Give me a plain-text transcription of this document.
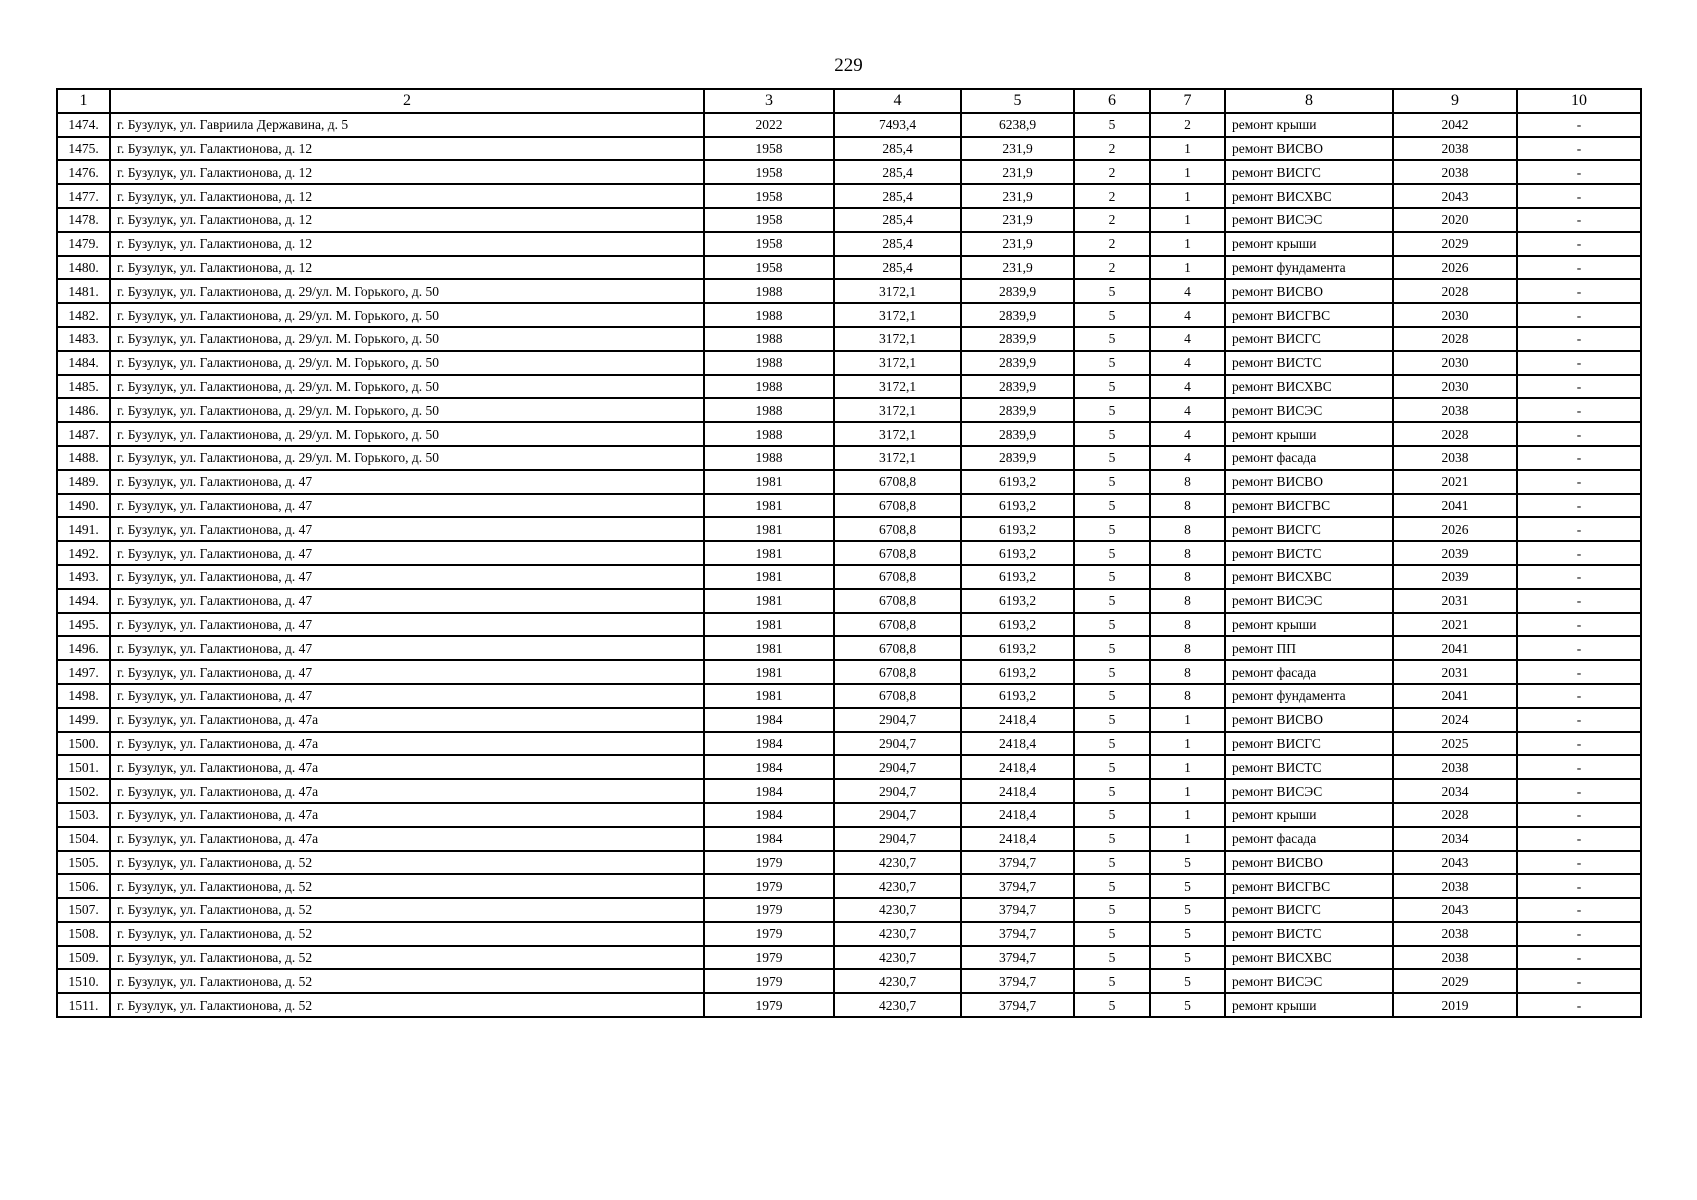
229
1	2	3	4	5	6	7	8	9	10
1474.	г. Бузулук, ул. Гавриила Державина, д. 5	2022	7493,4	6238,9	5	2	ремонт крыши	2042	-
1475.	г. Бузулук, ул. Галактионова, д. 12	1958	285,4	231,9	2	1	ремонт ВИСВО	2038	-
1476.	г. Бузулук, ул. Галактионова, д. 12	1958	285,4	231,9	2	1	ремонт ВИСГС	2038	-
1477.	г. Бузулук, ул. Галактионова, д. 12	1958	285,4	231,9	2	1	ремонт ВИСХВС	2043	-
1478.	г. Бузулук, ул. Галактионова, д. 12	1958	285,4	231,9	2	1	ремонт ВИСЭС	2020	-
1479.	г. Бузулук, ул. Галактионова, д. 12	1958	285,4	231,9	2	1	ремонт крыши	2029	-
1480.	г. Бузулук, ул. Галактионова, д. 12	1958	285,4	231,9	2	1	ремонт фундамента	2026	-
1481.	г. Бузулук, ул. Галактионова, д. 29/ул. М. Горького, д. 50	1988	3172,1	2839,9	5	4	ремонт ВИСВО	2028	-
1482.	г. Бузулук, ул. Галактионова, д. 29/ул. М. Горького, д. 50	1988	3172,1	2839,9	5	4	ремонт ВИСГВС	2030	-
1483.	г. Бузулук, ул. Галактионова, д. 29/ул. М. Горького, д. 50	1988	3172,1	2839,9	5	4	ремонт ВИСГС	2028	-
1484.	г. Бузулук, ул. Галактионова, д. 29/ул. М. Горького, д. 50	1988	3172,1	2839,9	5	4	ремонт ВИСТС	2030	-
1485.	г. Бузулук, ул. Галактионова, д. 29/ул. М. Горького, д. 50	1988	3172,1	2839,9	5	4	ремонт ВИСХВС	2030	-
1486.	г. Бузулук, ул. Галактионова, д. 29/ул. М. Горького, д. 50	1988	3172,1	2839,9	5	4	ремонт ВИСЭС	2038	-
1487.	г. Бузулук, ул. Галактионова, д. 29/ул. М. Горького, д. 50	1988	3172,1	2839,9	5	4	ремонт крыши	2028	-
1488.	г. Бузулук, ул. Галактионова, д. 29/ул. М. Горького, д. 50	1988	3172,1	2839,9	5	4	ремонт фасада	2038	-
1489.	г. Бузулук, ул. Галактионова, д. 47	1981	6708,8	6193,2	5	8	ремонт ВИСВО	2021	-
1490.	г. Бузулук, ул. Галактионова, д. 47	1981	6708,8	6193,2	5	8	ремонт ВИСГВС	2041	-
1491.	г. Бузулук, ул. Галактионова, д. 47	1981	6708,8	6193,2	5	8	ремонт ВИСГС	2026	-
1492.	г. Бузулук, ул. Галактионова, д. 47	1981	6708,8	6193,2	5	8	ремонт ВИСТС	2039	-
1493.	г. Бузулук, ул. Галактионова, д. 47	1981	6708,8	6193,2	5	8	ремонт ВИСХВС	2039	-
1494.	г. Бузулук, ул. Галактионова, д. 47	1981	6708,8	6193,2	5	8	ремонт ВИСЭС	2031	-
1495.	г. Бузулук, ул. Галактионова, д. 47	1981	6708,8	6193,2	5	8	ремонт крыши	2021	-
1496.	г. Бузулук, ул. Галактионова, д. 47	1981	6708,8	6193,2	5	8	ремонт ПП	2041	-
1497.	г. Бузулук, ул. Галактионова, д. 47	1981	6708,8	6193,2	5	8	ремонт фасада	2031	-
1498.	г. Бузулук, ул. Галактионова, д. 47	1981	6708,8	6193,2	5	8	ремонт фундамента	2041	-
1499.	г. Бузулук, ул. Галактионова, д. 47а	1984	2904,7	2418,4	5	1	ремонт ВИСВО	2024	-
1500.	г. Бузулук, ул. Галактионова, д. 47а	1984	2904,7	2418,4	5	1	ремонт ВИСГС	2025	-
1501.	г. Бузулук, ул. Галактионова, д. 47а	1984	2904,7	2418,4	5	1	ремонт ВИСТС	2038	-
1502.	г. Бузулук, ул. Галактионова, д. 47а	1984	2904,7	2418,4	5	1	ремонт ВИСЭС	2034	-
1503.	г. Бузулук, ул. Галактионова, д. 47а	1984	2904,7	2418,4	5	1	ремонт крыши	2028	-
1504.	г. Бузулук, ул. Галактионова, д. 47а	1984	2904,7	2418,4	5	1	ремонт фасада	2034	-
1505.	г. Бузулук, ул. Галактионова, д. 52	1979	4230,7	3794,7	5	5	ремонт ВИСВО	2043	-
1506.	г. Бузулук, ул. Галактионова, д. 52	1979	4230,7	3794,7	5	5	ремонт ВИСГВС	2038	-
1507.	г. Бузулук, ул. Галактионова, д. 52	1979	4230,7	3794,7	5	5	ремонт ВИСГС	2043	-
1508.	г. Бузулук, ул. Галактионова, д. 52	1979	4230,7	3794,7	5	5	ремонт ВИСТС	2038	-
1509.	г. Бузулук, ул. Галактионова, д. 52	1979	4230,7	3794,7	5	5	ремонт ВИСХВС	2038	-
1510.	г. Бузулук, ул. Галактионова, д. 52	1979	4230,7	3794,7	5	5	ремонт ВИСЭС	2029	-
1511.	г. Бузулук, ул. Галактионова, д. 52	1979	4230,7	3794,7	5	5	ремонт крыши	2019	-
